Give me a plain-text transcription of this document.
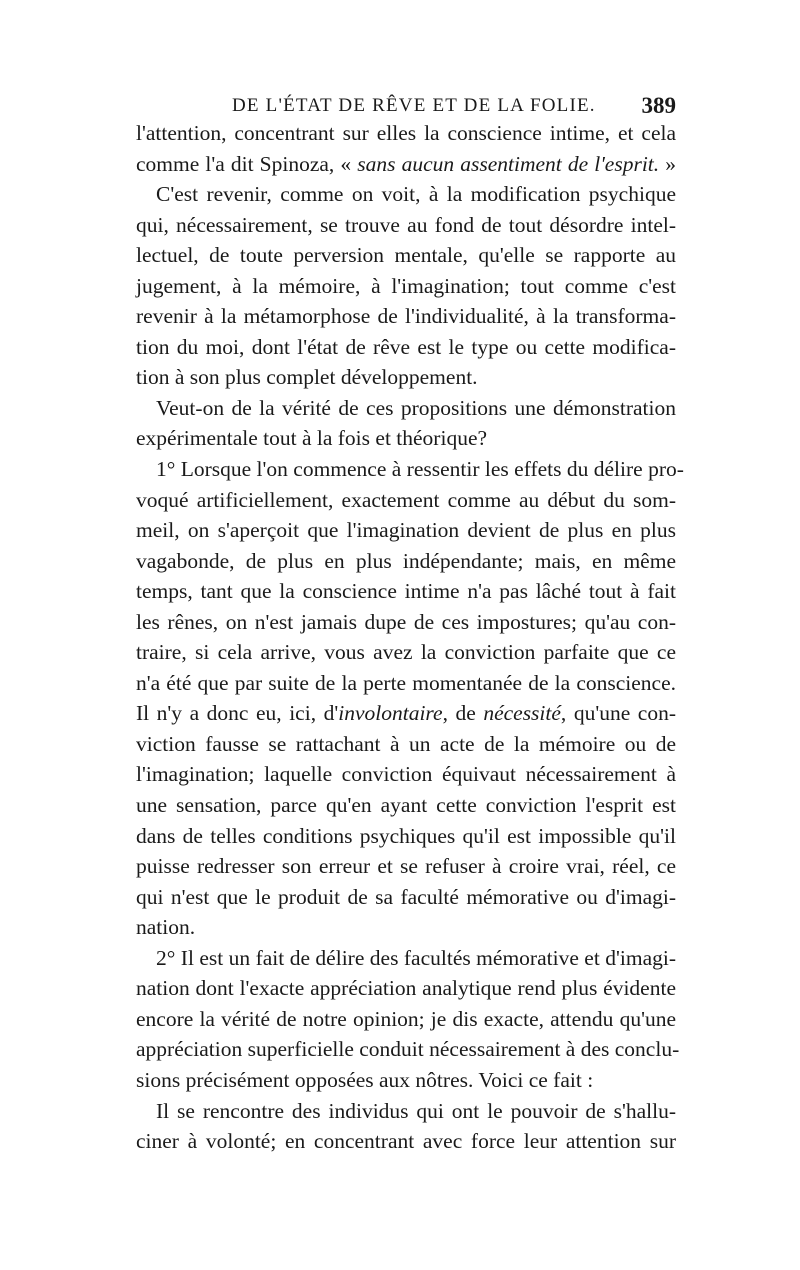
DE L'ÉTAT DE RÊVE ET DE LA FOLIE. 389
l'attention, concentrant sur elles la conscience intime, et cela
comme l'a dit Spinoza, « sans aucun assentiment de l'esprit. »
C'est revenir, comme on voit, à la modification psychique
qui, nécessairement, se trouve au fond de tout désordre intel-
lectuel, de toute perversion mentale, qu'elle se rapporte au
jugement, à la mémoire, à l'imagination; tout comme c'est
revenir à la métamorphose de l'individualité, à la transforma-
tion du moi, dont l'état de rêve est le type ou cette modifica-
tion à son plus complet développement.
Veut-on de la vérité de ces propositions une démonstration
expérimentale tout à la fois et théorique?
1° Lorsque l'on commence à ressentir les effets du délire pro-
voqué artificiellement, exactement comme au début du som-
meil, on s'aperçoit que l'imagination devient de plus en plus
vagabonde, de plus en plus indépendante; mais, en même
temps, tant que la conscience intime n'a pas lâché tout à fait
les rênes, on n'est jamais dupe de ces impostures; qu'au con-
traire, si cela arrive, vous avez la conviction parfaite que ce
n'a été que par suite de la perte momentanée de la conscience.
Il n'y a donc eu, ici, d'involontaire, de nécessité, qu'une con-
viction fausse se rattachant à un acte de la mémoire ou de
l'imagination; laquelle conviction équivaut nécessairement à
une sensation, parce qu'en ayant cette conviction l'esprit est
dans de telles conditions psychiques qu'il est impossible qu'il
puisse redresser son erreur et se refuser à croire vrai, réel, ce
qui n'est que le produit de sa faculté mémorative ou d'imagi-
nation.
2° Il est un fait de délire des facultés mémorative et d'imagi-
nation dont l'exacte appréciation analytique rend plus évidente
encore la vérité de notre opinion; je dis exacte, attendu qu'une
appréciation superficielle conduit nécessairement à des conclu-
sions précisément opposées aux nôtres. Voici ce fait :
Il se rencontre des individus qui ont le pouvoir de s'hallu-
ciner à volonté; en concentrant avec force leur attention sur
